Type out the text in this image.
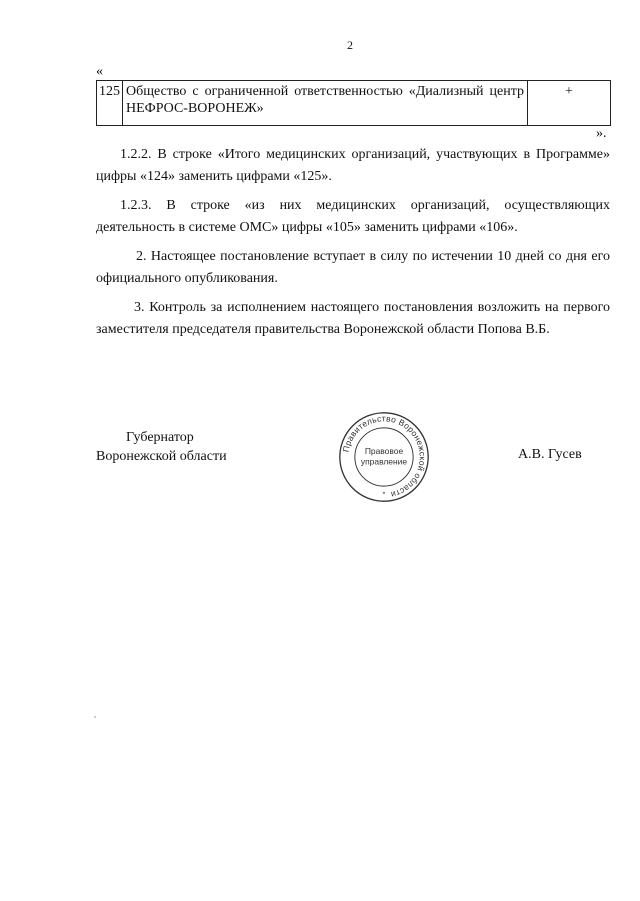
2
«
125	Общество с ограниченной ответственностью «Диализный центр НЕФРОС-ВОРОНЕЖ»	+
».

1.2.2. В строке «Итого медицинских организаций, участвующих в Программе» цифры «124» заменить цифрами «125».

1.2.3. В строке «из них медицинских организаций, осуществляющих деятельность в системе ОМС» цифры «105» заменить цифрами «106».

2. Настоящее постановление вступает в силу по истечении 10 дней со дня его официального опубликования.

3. Контроль за исполнением настоящего постановления возложить на первого заместителя председателя правительства Воронежской области Попова В.Б.

Губернатор
Воронежской области	А.В. Гусев
Правительство Воронежской области
Правовое
управление
*
